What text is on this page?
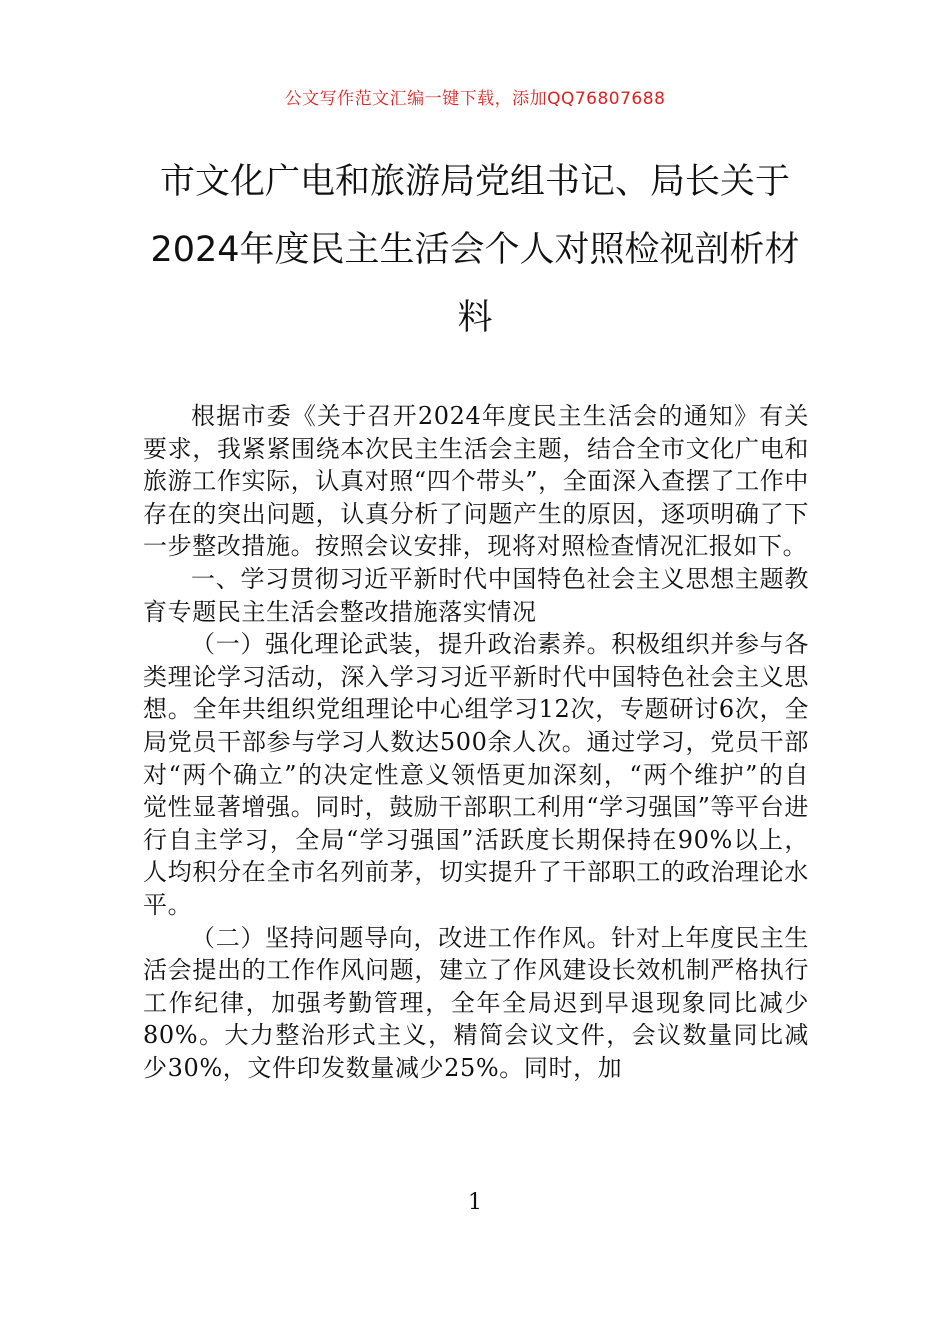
公文写作范文汇编一键下载，添加QQ76807688
市文化广电和旅游局党组书记、局长关于
2024年度民主生活会个人对照检视剖析材
料

根据市委《关于召开2024年度民主生活会的通知》有关要求，我紧紧围绕本次民主生活会主题，结合全市文化广电和旅游工作实际，认真对照“四个带头”，全面深入查摆了工作中存在的突出问题，认真分析了问题产生的原因，逐项明确了下一步整改措施。按照会议安排，现将对照检查情况汇报如下。

一、学习贯彻习近平新时代中国特色社会主义思想主题教育专题民主生活会整改措施落实情况

（一）强化理论武装，提升政治素养。积极组织并参与各类理论学习活动，深入学习习近平新时代中国特色社会主义思想。全年共组织党组理论中心组学习12次，专题研讨6次，全局党员干部参与学习人数达500余人次。通过学习，党员干部对“两个确立”的决定性意义领悟更加深刻，“两个维护”的自觉性显著增强。同时，鼓励干部职工利用“学习强国”等平台进行自主学习，全局“学习强国”活跃度长期保持在90%以上，人均积分在全市名列前茅，切实提升了干部职工的政治理论水平。

（二）坚持问题导向，改进工作作风。针对上年度民主生活会提出的工作作风问题，建立了作风建设长效机制严格执行工作纪律，加强考勤管理，全年全局迟到早退现象同比减少80%。大力整治形式主义，精简会议文件，会议数量同比减少30%，文件印发数量减少25%。同时，加

1
